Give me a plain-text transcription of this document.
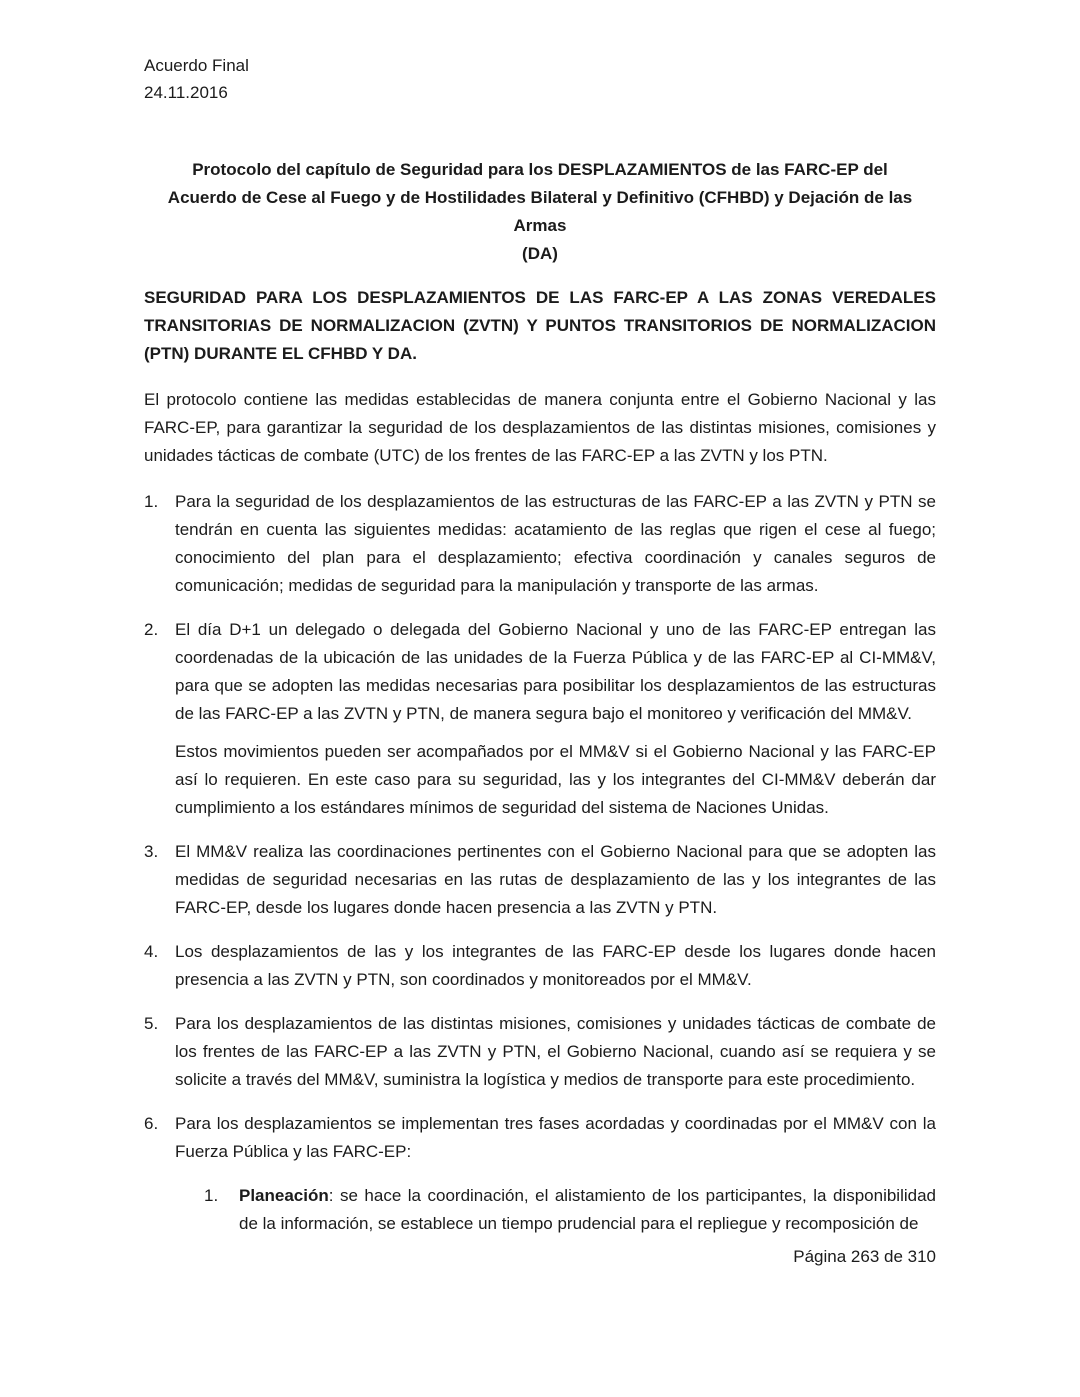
Acuerdo Final
24.11.2016
Protocolo del capítulo de Seguridad para los DESPLAZAMIENTOS de las FARC-EP del
Acuerdo de Cese al Fuego y de Hostilidades Bilateral y Definitivo (CFHBD) y Dejación de las Armas
(DA)
SEGURIDAD PARA LOS DESPLAZAMIENTOS DE LAS FARC-EP A LAS ZONAS VEREDALES TRANSITORIAS DE NORMALIZACION (ZVTN) Y PUNTOS TRANSITORIOS DE NORMALIZACION (PTN) DURANTE EL CFHBD Y DA.
El protocolo contiene las medidas establecidas de manera conjunta entre el Gobierno Nacional y las FARC-EP, para garantizar la seguridad de los desplazamientos de las distintas misiones, comisiones y unidades tácticas de combate (UTC) de los frentes de las FARC-EP a las ZVTN y los PTN.
1. Para la seguridad de los desplazamientos de las estructuras de las FARC-EP a las ZVTN y PTN se tendrán en cuenta las siguientes medidas: acatamiento de las reglas que rigen el cese al fuego; conocimiento del plan para el desplazamiento; efectiva coordinación y canales seguros de comunicación; medidas de seguridad para la manipulación y transporte de las armas.
2. El día D+1 un delegado o delegada del Gobierno Nacional y uno de las FARC-EP entregan las coordenadas de la ubicación de las unidades de la Fuerza Pública y de las FARC-EP al CI-MM&V, para que se adopten las medidas necesarias para posibilitar los desplazamientos de las estructuras de las FARC-EP a las ZVTN y PTN, de manera segura bajo el monitoreo y verificación del MM&V.
Estos movimientos pueden ser acompañados por el MM&V si el Gobierno Nacional y las FARC-EP así lo requieren. En este caso para su seguridad, las y los integrantes del CI-MM&V deberán dar cumplimiento a los estándares mínimos de seguridad del sistema de Naciones Unidas.
3. El MM&V realiza las coordinaciones pertinentes con el Gobierno Nacional para que se adopten las medidas de seguridad necesarias en las rutas de desplazamiento de las y los integrantes de las FARC-EP, desde los lugares donde hacen presencia a las ZVTN y PTN.
4. Los desplazamientos de las y los integrantes de las FARC-EP desde los lugares donde hacen presencia a las ZVTN y PTN, son coordinados y monitoreados por el MM&V.
5. Para los desplazamientos de las distintas misiones, comisiones y unidades tácticas de combate de los frentes de las FARC-EP a las ZVTN y PTN, el Gobierno Nacional, cuando así se requiera y se solicite a través del MM&V, suministra la logística y medios de transporte para este procedimiento.
6. Para los desplazamientos se implementan tres fases acordadas y coordinadas por el MM&V con la Fuerza Pública y las FARC-EP:
1.	Planeación: se hace la coordinación, el alistamiento de los participantes, la disponibilidad de la información, se establece un tiempo prudencial para el repliegue y recomposición de
Página 263 de 310
